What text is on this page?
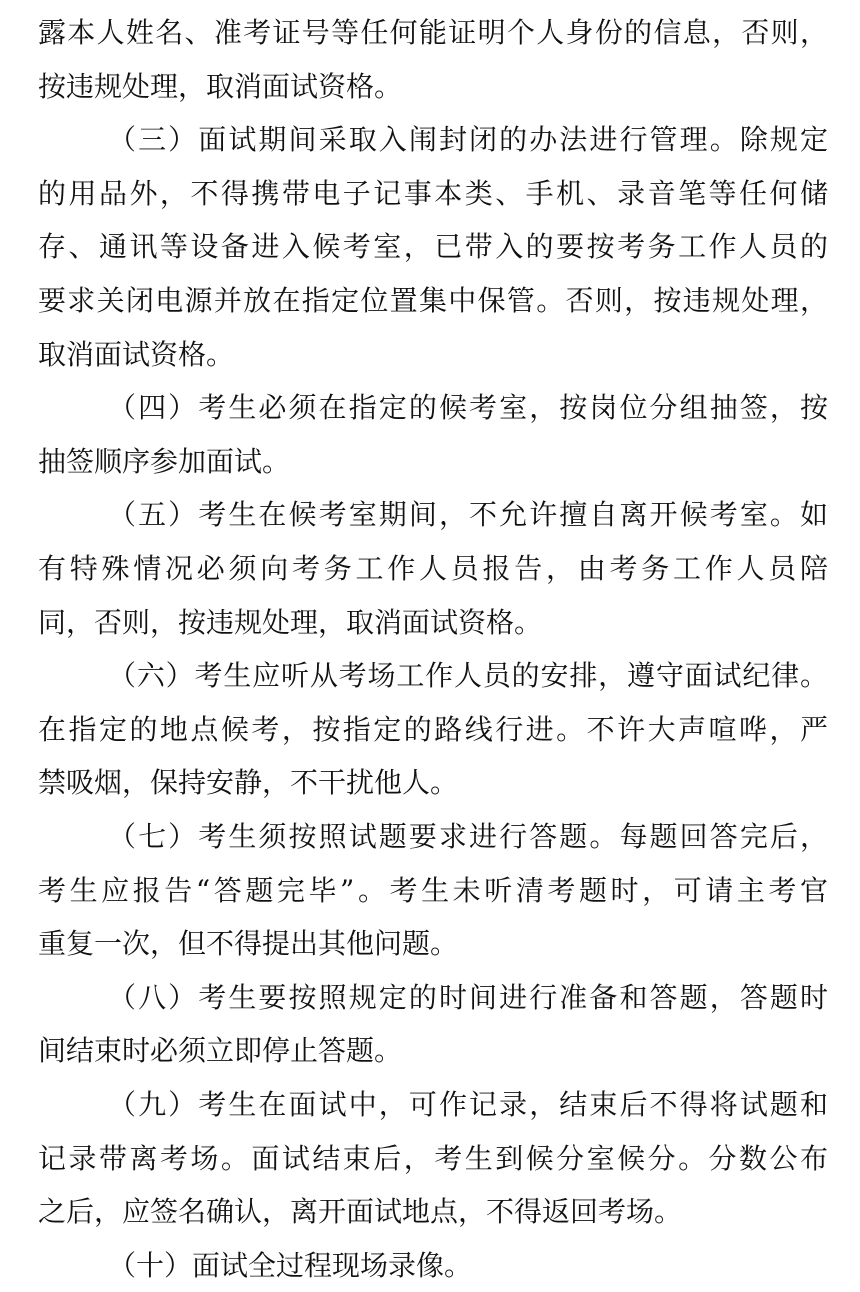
露本人姓名、准考证号等任何能证明个人身份的信息，否则，
按违规处理，取消面试资格。
（三）面试期间采取入闱封闭的办法进行管理。除规定
的用品外，不得携带电子记事本类、手机、录音笔等任何储
存、通讯等设备进入候考室，已带入的要按考务工作人员的
要求关闭电源并放在指定位置集中保管。否则，按违规处理，
取消面试资格。
（四）考生必须在指定的候考室，按岗位分组抽签，按
抽签顺序参加面试。
（五）考生在候考室期间，不允许擅自离开候考室。如
有特殊情况必须向考务工作人员报告，由考务工作人员陪
同，否则，按违规处理，取消面试资格。
（六）考生应听从考场工作人员的安排，遵守面试纪律。
在指定的地点候考，按指定的路线行进。不许大声喧哗，严
禁吸烟，保持安静，不干扰他人。
（七）考生须按照试题要求进行答题。每题回答完后，
考生应报告“答题完毕”。考生未听清考题时，可请主考官
重复一次，但不得提出其他问题。
（八）考生要按照规定的时间进行准备和答题，答题时
间结束时必须立即停止答题。
（九）考生在面试中，可作记录，结束后不得将试题和
记录带离考场。面试结束后，考生到候分室候分。分数公布
之后，应签名确认，离开面试地点，不得返回考场。
（十）面试全过程现场录像。
